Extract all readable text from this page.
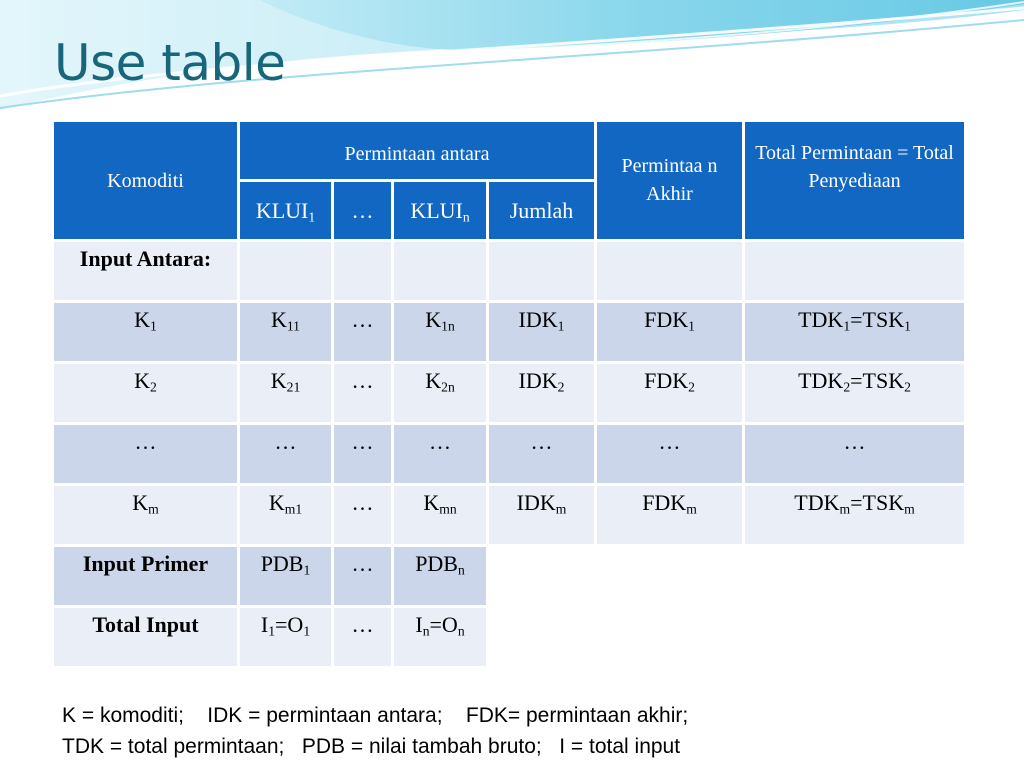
Use table
Komoditi	Permintaan antara				Permintaa n Akhir	Total Permintaan = Total Penyediaan
	$KLUI_1$	…	$KLUI_n$	Jumlah		
Input Antara:						
$K_1$	$K_{11}$	…	$K_{1n}$	$IDK_1$	$FDK_1$	$TDK_1=TSK_1$
$K_2$	$K_{21}$	…	$K_{2n}$	$IDK_2$	$FDK_2$	$TDK_2=TSK_2$
…	…	…	…	…	…	…
$K_m$	$K_{m1}$	…	$K_{mn}$	$IDK_m$	$FDK_m$	$TDK_m=TSK_m$
Input Primer	$PDB_1$	…	$PDB_n$	
Total Input	$I_1=O_1$	…	$I_n=O_n$	
K = komoditi;    IDK = permintaan antara;    FDK= permintaan akhir;
TDK = total permintaan;   PDB = nilai tambah bruto;   I = total input
